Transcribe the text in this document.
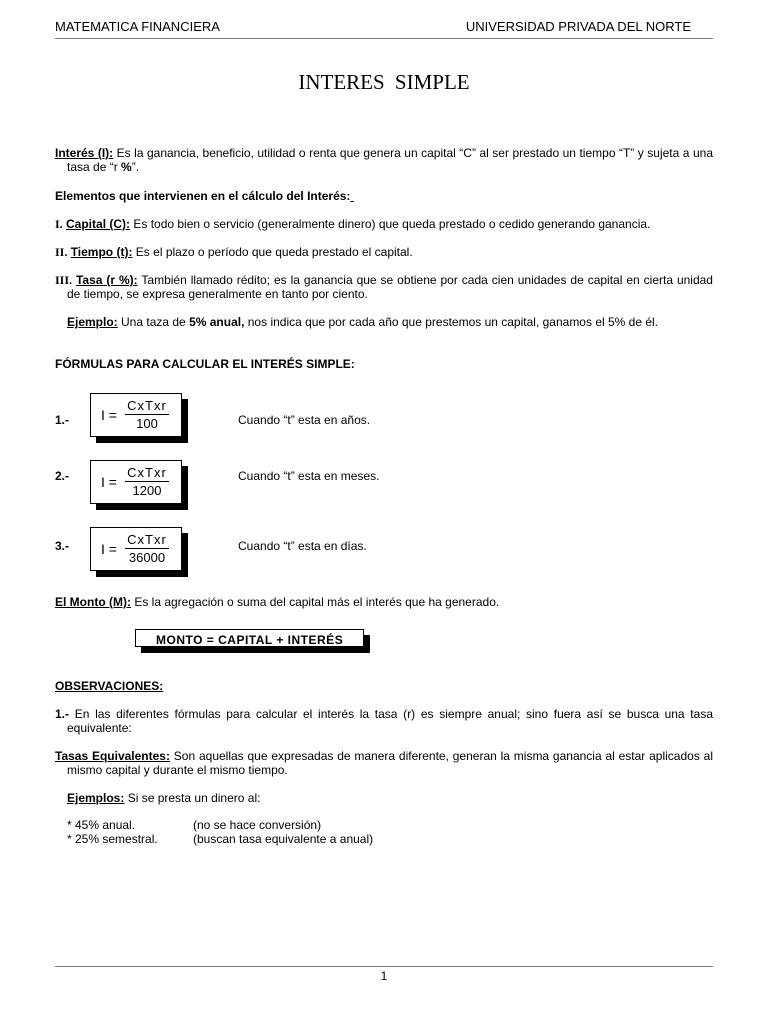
MATEMATICA FINANCIERA	UNIVERSIDAD PRIVADA DEL NORTE
INTERES SIMPLE
Interés (I): Es la ganancia, beneficio, utilidad o renta que genera un capital “C” al ser prestado un tiempo “T” y sujeta a una tasa de “r %”.
Elementos que intervienen en el cálculo del Interés:
I. Capital (C): Es todo bien o servicio (generalmente dinero) que queda prestado o cedido generando ganancia.
II. Tiempo (t): Es el plazo o período que queda prestado el capital.
III. Tasa (r %): También llamado rédito; es la ganancia que se obtiene por cada cien unidades de capital en cierta unidad de tiempo, se expresa generalmente en tanto por ciento.
Ejemplo: Una taza de 5% anual, nos indica que por cada año que prestemos un capital, ganamos el 5% de él.
FÓRMULAS PARA CALCULAR EL INTERÉS SIMPLE:
1.- I =
CxTxr
100	Cuando “t” esta en años.
2.- I =
CxTxr
1200
Cuando “t” esta en meses.
3.- I =
CxTxr
36000
Cuando “t” esta en días.
El Monto (M): Es la agregación o suma del capital más el interés que ha generado.
MONTO = CAPITAL + INTERÉS
OBSERVACIONES:
1.- En las diferentes fórmulas para calcular el interés la tasa (r) es siempre anual; sino fuera así se busca una tasa equivalente:
Tasas Equivalentes: Son aquellas que expresadas de manera diferente, generan la misma ganancia al estar aplicados al mismo capital y durante el mismo tiempo.
Ejemplos: Si se presta un dinero al:
* 45% anual.	(no se hace conversión)
* 25% semestral.	(buscan tasa equivalente a anual)
1
